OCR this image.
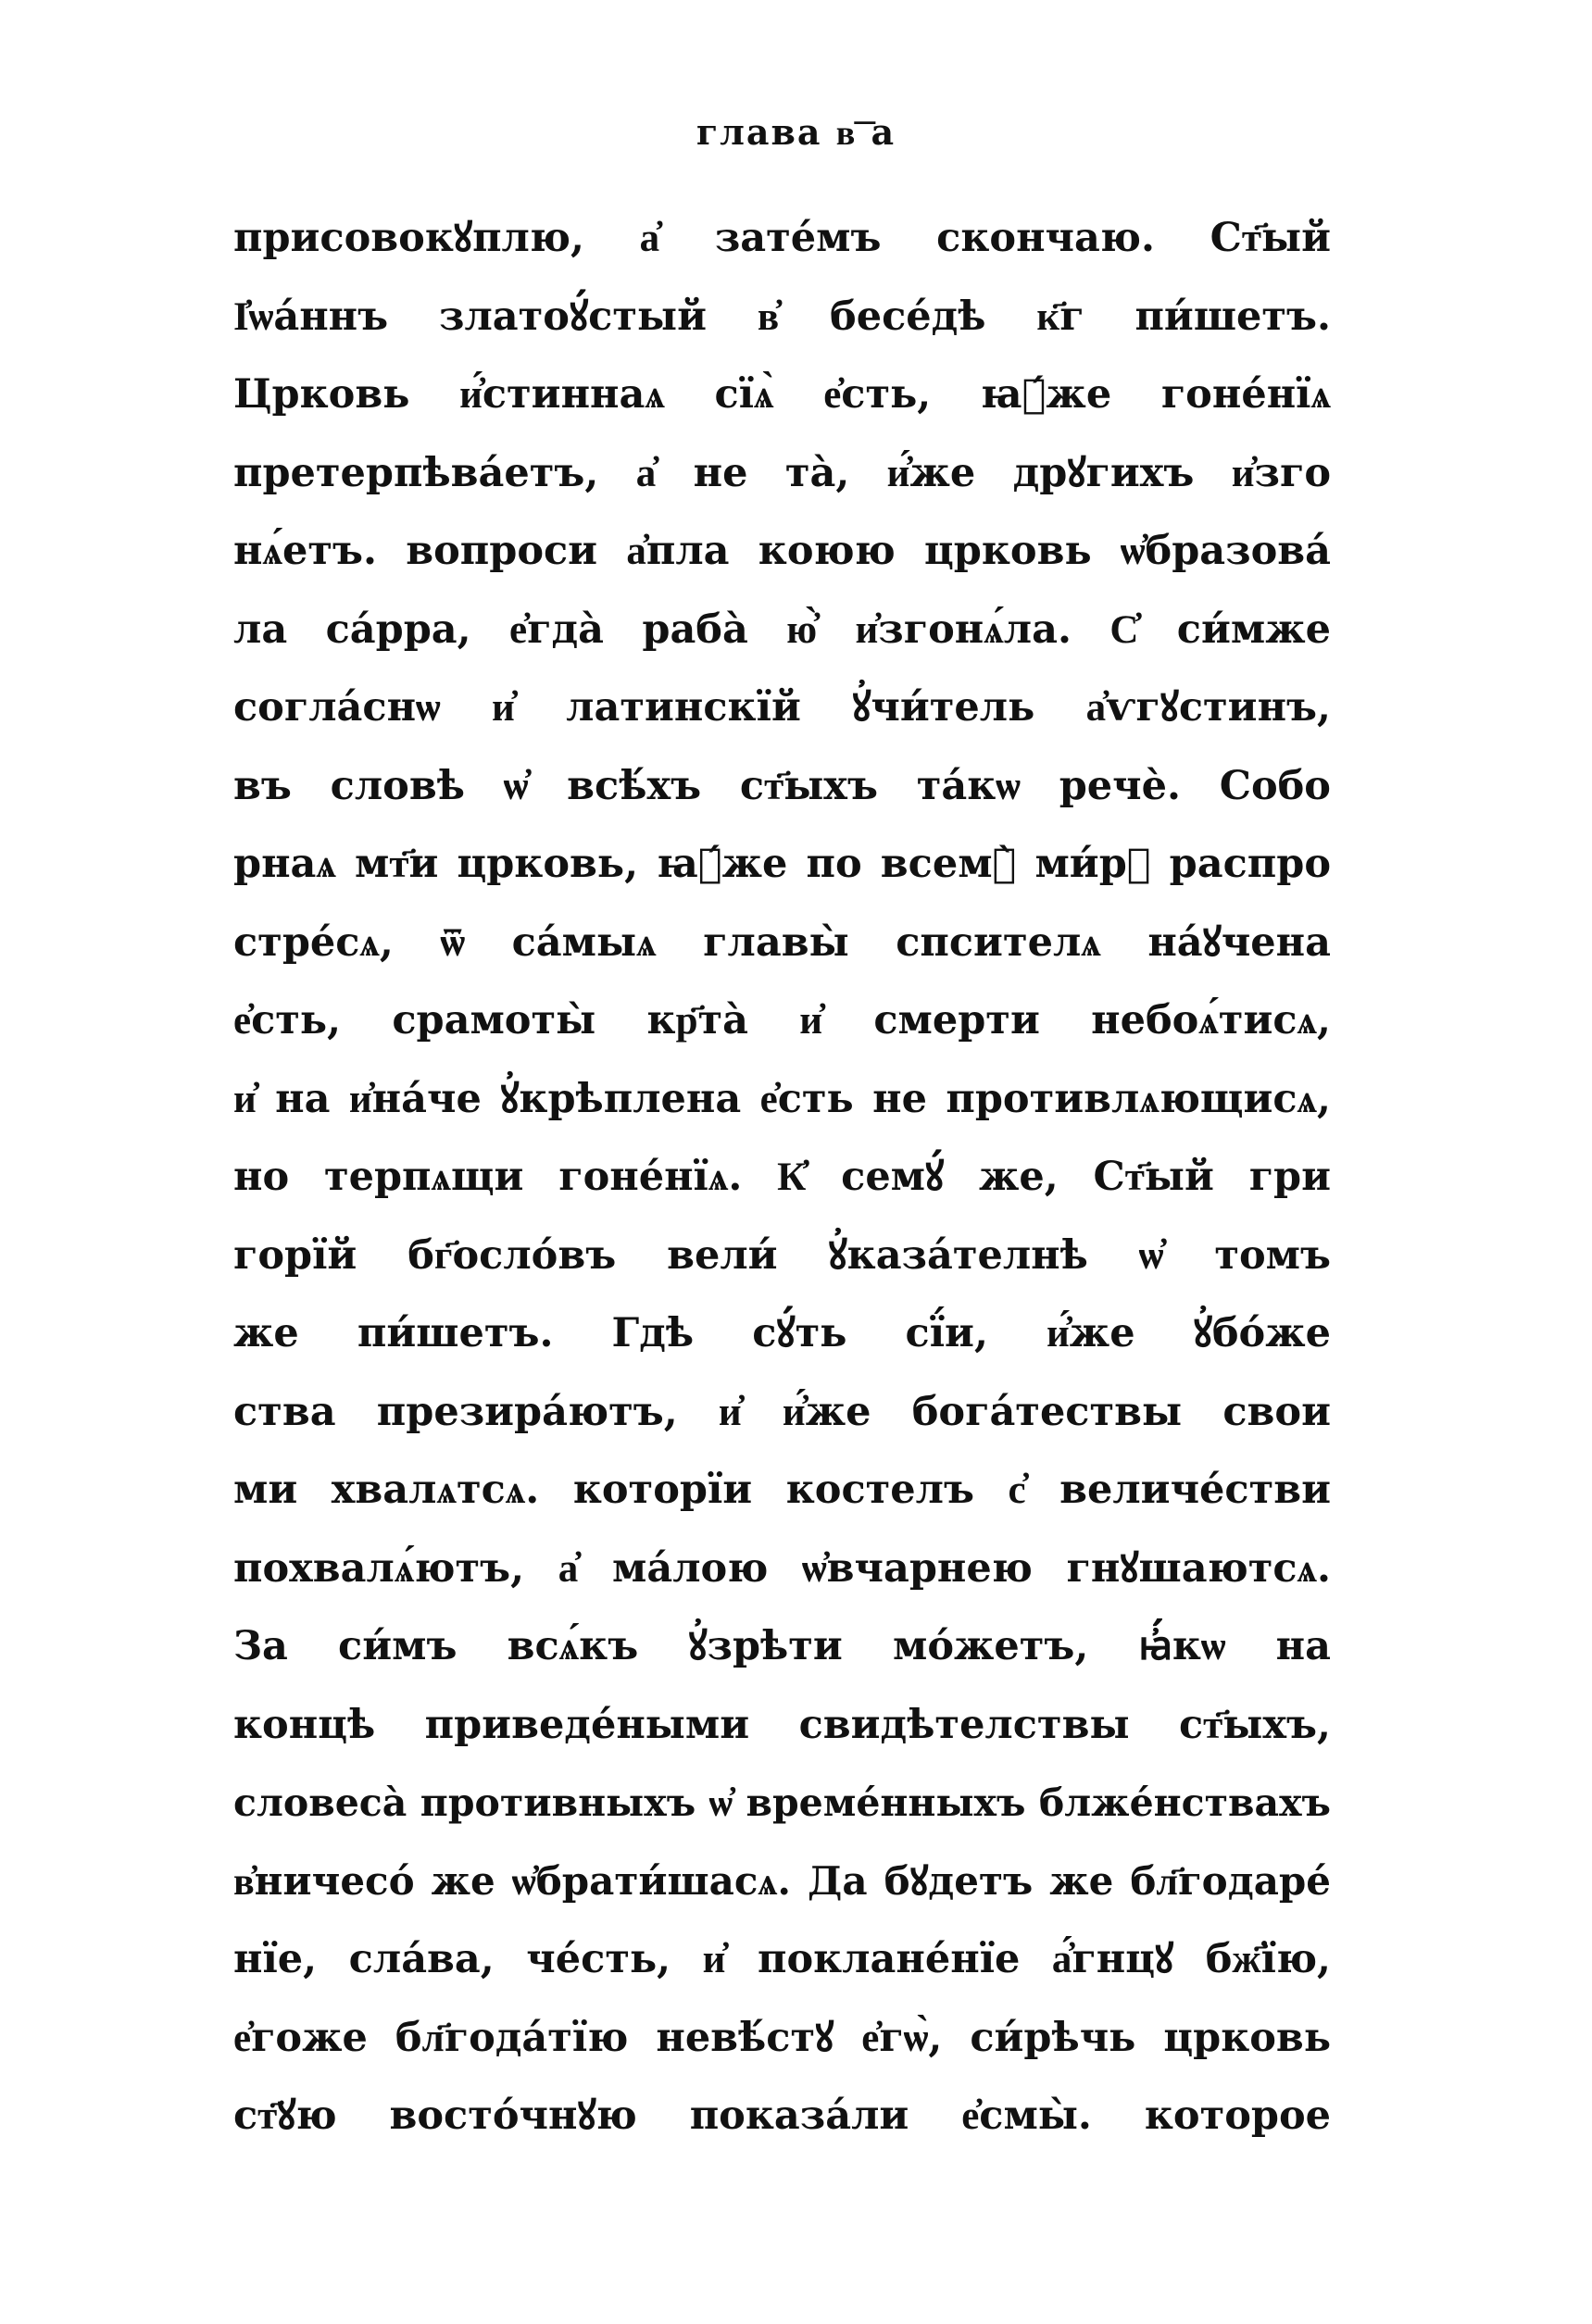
глава в͞ а
присовокꙋплю, а҆ зате́мъ скончаю. Ст҃ый
І҆ѡа́ннъ златоꙋ́стый в҆ бесе́дѣ к҃г пи́шетъ.
Црковь и҆́стиннаѧ сїѧ̀ е҆сть, ꙗ҆́же гоне́нїѧ
претерпѣва́етъ, а҆ не та̀, и҆́же дрꙋгихъ и҆зго
нѧ́етъ. вопроси а҆пла коюю црковь ѡ҆бразова́
ла са́рра, е҆гда̀ раба̀ ю҆̀ и҆згонѧ́ла. С҆ си́мже
согла́снѡ и҆ латинскїй ꙋ҆чи́тель а҆ѵгꙋстинъ,
въ словѣ ѡ҆ всѣ́хъ ст҃ыхъ та́кѡ речѐ. Собо
рнаѧ мт҃и црковь, ꙗ҆́же по всемꙋ̀ ми́рꙋ распро
стре́сѧ, ѿ са́мыѧ главы̀ спсителѧ на́ꙋчена
е҆сть, срамоты̀ кр҃та̀ и҆ смерти небоѧ́тисѧ,
и҆ на и҆на́че ꙋ҆крѣплена е҆сть не противлѧющисѧ,
но терпѧщи гоне́нїѧ. К҆ семꙋ́ же, Ст҃ый гри
горїй бг҃осло́въ вели́ ꙋ҆каза́телнѣ ѡ҆ томъ
же пи́шетъ. Гдѣ сꙋ́ть сї́и, и҆́же ꙋ҆бо́же
ства презира́ютъ, и҆ и҆́же бога́тествы свои
ми хвалѧтсѧ. которїи костелъ с҆ величе́стви
похвалѧ́ютъ, а҆ ма́лою ѡ҆вчарнею гнꙋшаютсѧ.
За си́мъ всѧ́къ ꙋ҆зрѣти мо́жетъ, ꙗ҆́кѡ на
концѣ приведе́ными свидѣтелствы ст҃ыхъ,
словеса̀ противныхъ ѡ҆ време́нныхъ блже́нствахъ
в҆ничесо́ же ѡ҆брати́шасѧ. Да бꙋдетъ же бл҃годаре́
нїе, сла́ва, че́сть, и҆ поклане́нїе а҆́гнцꙋ бж҃їю,
е҆гоже бл҃года́тїю невѣ́стꙋ е҆гѡ̀, си́рѣчь црковь
ст҃ꙋю восто́чнꙋю показа́ли е҆смы̀. которое
